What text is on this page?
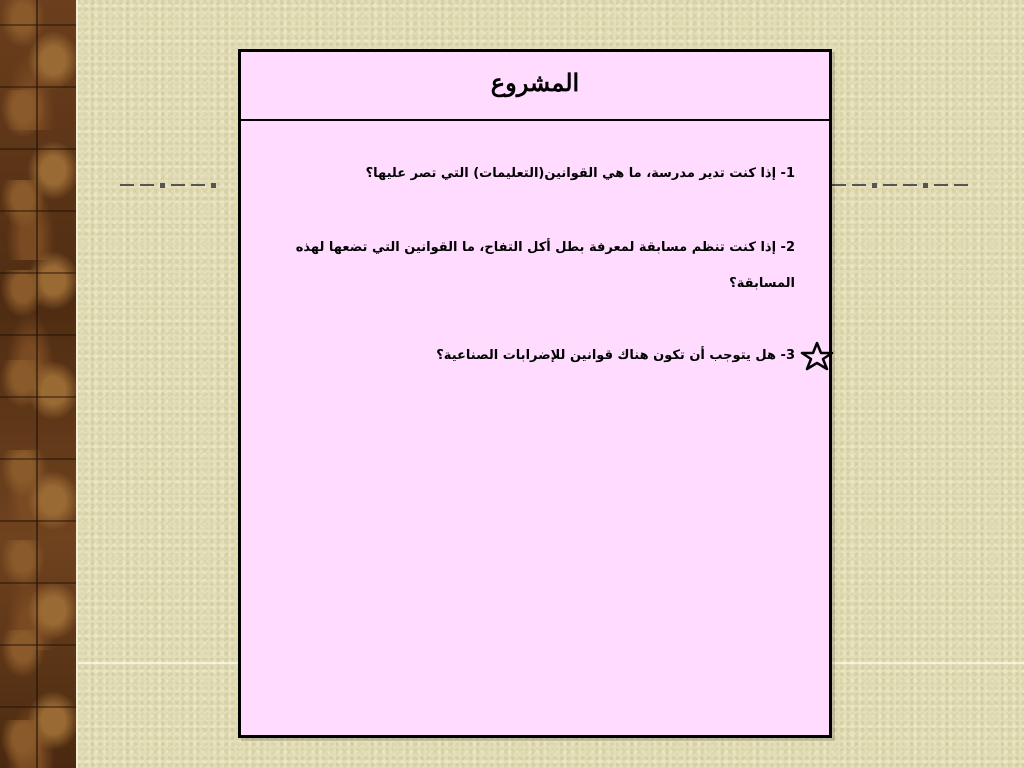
المشروع
1- إذا كنت تدير مدرسة، ما هي القوانين(التعليمات) التي تصر عليها؟
2- إذا كنت تنظم مسابقة لمعرفة بطل أكل التفاح، ما القوانين التي تضعها لهذه المسابقة؟
3- هل يتوجب أن تكون هناك قوانين للإضرابات الصناعية؟
